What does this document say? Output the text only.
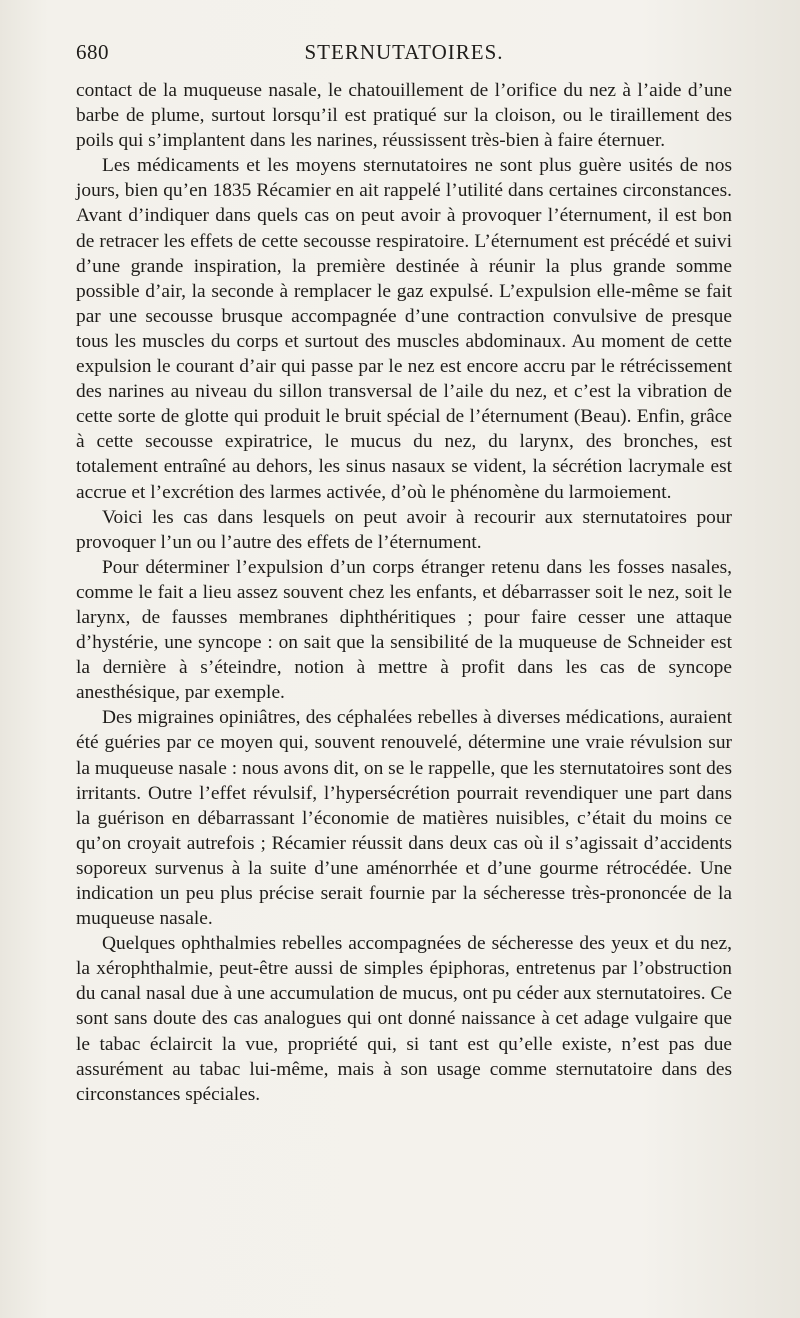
680	STERNUTATOIRES.

contact de la muqueuse nasale, le chatouillement de l’orifice du nez à l’aide d’une barbe de plume, surtout lorsqu’il est pratiqué sur la cloison, ou le tiraillement des poils qui s’implantent dans les narines, réussissent très-bien à faire éternuer.

Les médicaments et les moyens sternutatoires ne sont plus guère usités de nos jours, bien qu’en 1835 Récamier en ait rappelé l’utilité dans certaines circonstances. Avant d’indiquer dans quels cas on peut avoir à provoquer l’éternument, il est bon de retracer les effets de cette secousse respiratoire. L’éternument est précédé et suivi d’une grande inspiration, la première destinée à réunir la plus grande somme possible d’air, la seconde à remplacer le gaz expulsé. L’expulsion elle-même se fait par une secousse brusque accompagnée d’une contraction convulsive de presque tous les muscles du corps et surtout des muscles abdominaux. Au moment de cette expulsion le courant d’air qui passe par le nez est encore accru par le rétrécissement des narines au niveau du sillon transversal de l’aile du nez, et c’est la vibration de cette sorte de glotte qui produit le bruit spécial de l’éternument (Beau). Enfin, grâce à cette secousse expiratrice, le mucus du nez, du larynx, des bronches, est totalement entraîné au dehors, les sinus nasaux se vident, la sécrétion lacrymale est accrue et l’excrétion des larmes activée, d’où le phénomène du larmoiement.

Voici les cas dans lesquels on peut avoir à recourir aux sternutatoires pour provoquer l’un ou l’autre des effets de l’éternument.

Pour déterminer l’expulsion d’un corps étranger retenu dans les fosses nasales, comme le fait a lieu assez souvent chez les enfants, et débarrasser soit le nez, soit le larynx, de fausses membranes diphthéritiques ; pour faire cesser une attaque d’hystérie, une syncope : on sait que la sensibilité de la muqueuse de Schneider est la dernière à s’éteindre, notion à mettre à profit dans les cas de syncope anesthésique, par exemple.

Des migraines opiniâtres, des céphalées rebelles à diverses médications, auraient été guéries par ce moyen qui, souvent renouvelé, détermine une vraie révulsion sur la muqueuse nasale : nous avons dit, on se le rappelle, que les sternutatoires sont des irritants. Outre l’effet révulsif, l’hypersécrétion pourrait revendiquer une part dans la guérison en débarrassant l’économie de matières nuisibles, c’était du moins ce qu’on croyait autrefois ; Récamier réussit dans deux cas où il s’agissait d’accidents soporeux survenus à la suite d’une aménorrhée et d’une gourme rétrocédée. Une indication un peu plus précise serait fournie par la sécheresse très-prononcée de la muqueuse nasale.

Quelques ophthalmies rebelles accompagnées de sécheresse des yeux et du nez, la xérophthalmie, peut-être aussi de simples épiphoras, entretenus par l’obstruction du canal nasal due à une accumulation de mucus, ont pu céder aux sternutatoires. Ce sont sans doute des cas analogues qui ont donné naissance à cet adage vulgaire que le tabac éclaircit la vue, propriété qui, si tant est qu’elle existe, n’est pas due assurément au tabac lui-même, mais à son usage comme sternutatoire dans des circonstances spéciales.
